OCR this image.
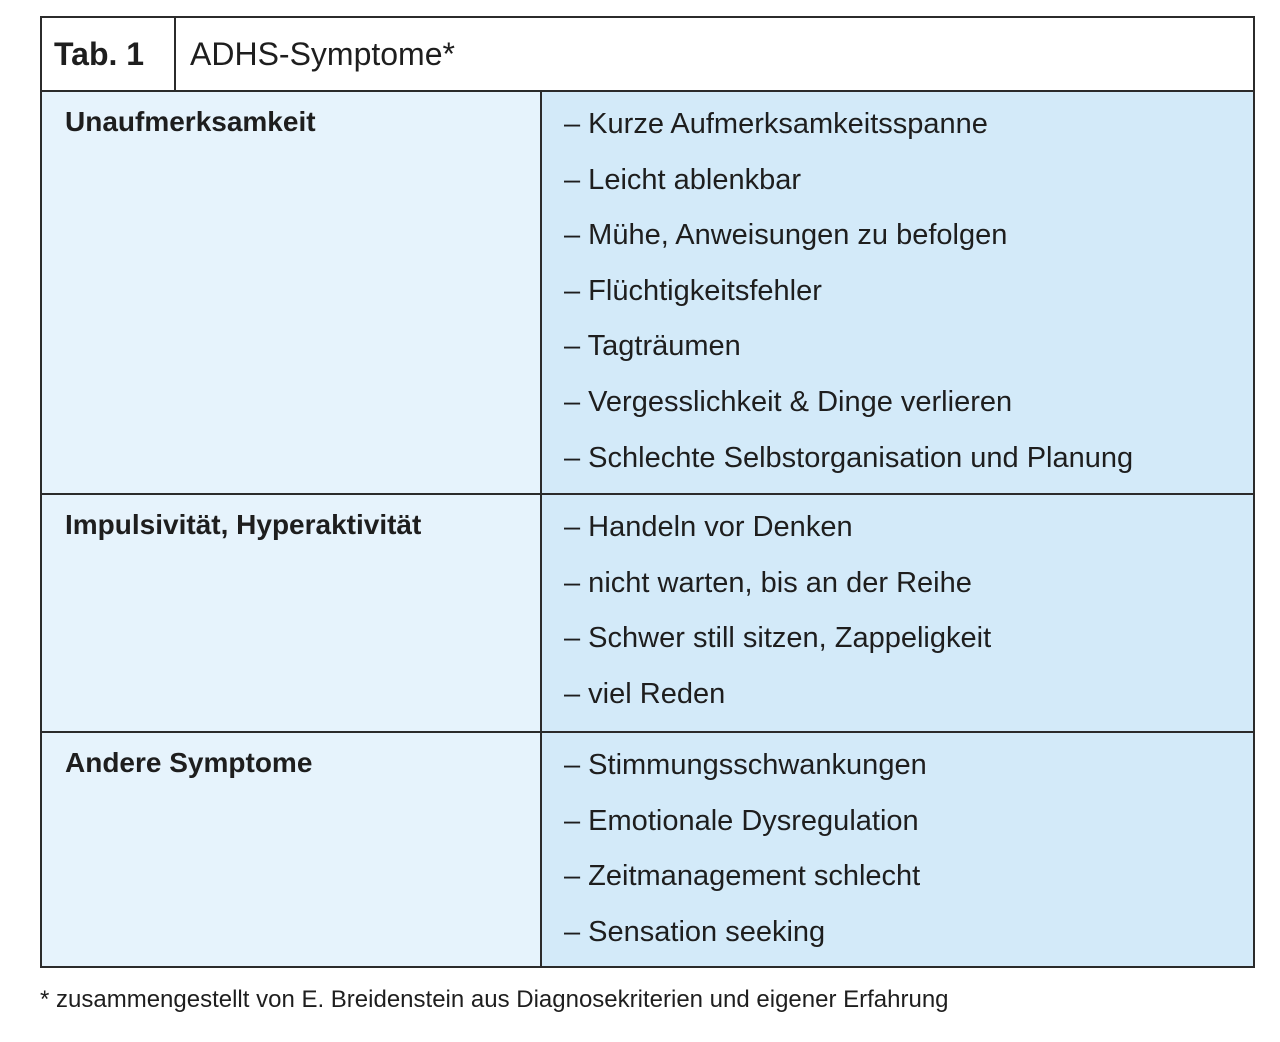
Tab. 1	ADHS-Symptome*
Unaufmerksamkeit	– Kurze Aufmerksamkeitsspanne
– Leicht ablenkbar
– Mühe, Anweisungen zu befolgen
– Flüchtigkeitsfehler
– Tagträumen
– Vergesslichkeit & Dinge verlieren
– Schlechte Selbstorganisation und Planung
Impulsivität, Hyperaktivität	– Handeln vor Denken
– nicht warten, bis an der Reihe
– Schwer still sitzen, Zappeligkeit
– viel Reden
Andere Symptome	– Stimmungsschwankungen
– Emotionale Dysregulation
– Zeitmanagement schlecht
– Sensation seeking
* zusammengestellt von E. Breidenstein aus Diagnosekriterien und eigener Erfahrung
